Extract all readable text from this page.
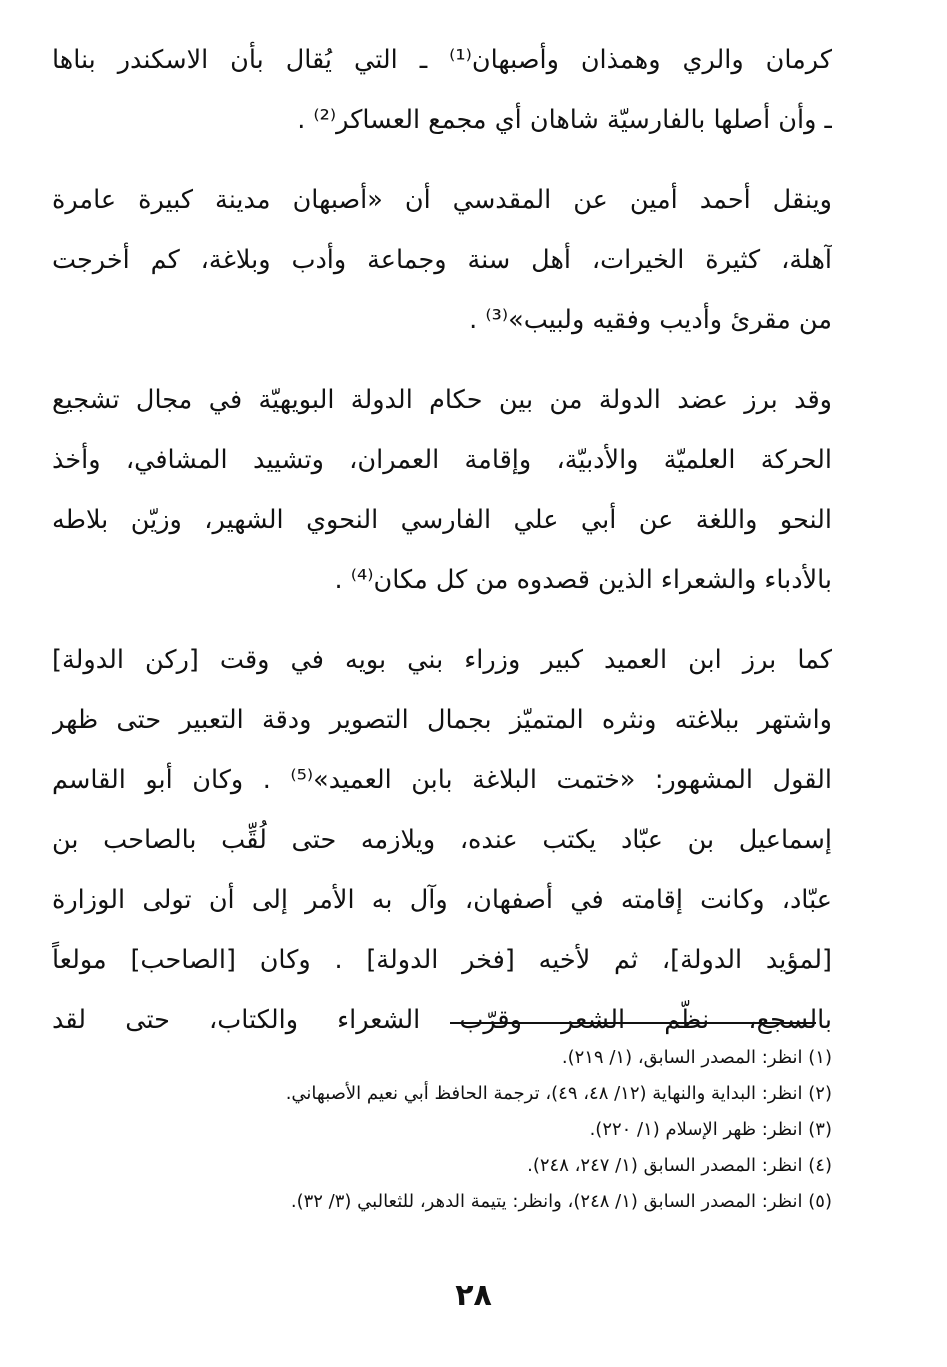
كرمان والري وهمذان وأصبهان⁽¹⁾ ـ التي يُقال بأن الاسكندر بناها
ـ وأن أصلها بالفارسيّة شاهان أي مجمع العساكر⁽²⁾ .
وينقل أحمد أمين عن المقدسي أن «أصبهان مدينة كبيرة عامرة
آهلة، كثيرة الخيرات، أهل سنة وجماعة وأدب وبلاغة، كم أخرجت
من مقرئ وأديب وفقيه ولبيب»⁽³⁾ .
وقد برز عضد الدولة من بين حكام الدولة البويهيّة في مجال تشجيع
الحركة العلميّة والأدبيّة، وإقامة العمران، وتشييد المشافي، وأخذ
النحو واللغة عن أبي علي الفارسي النحوي الشهير، وزيّن بلاطه
بالأدباء والشعراء الذين قصدوه من كل مكان⁽⁴⁾ .
كما برز ابن العميد كبير وزراء بني بويه في وقت [ركن الدولة]
واشتهر ببلاغته ونثره المتميّز بجمال التصوير ودقة التعبير حتى ظهر
القول المشهور: «ختمت البلاغة بابن العميد»⁽⁵⁾ . وكان أبو القاسم
إسماعيل بن عبّاد يكتب عنده، ويلازمه حتى لُقِّب بالصاحب بن
عبّاد، وكانت إقامته في أصفهان، وآل به الأمر إلى أن تولى الوزارة
[لمؤيد الدولة]، ثم لأخيه [فخر الدولة] . وكان [الصاحب] مولعاً
بالسجع، نظّم الشعر وقرّب الشعراء والكتاب، حتى لقد
(١) انظر: المصدر السابق، (١/ ٢١٩).
(٢) انظر: البداية والنهاية (١٢/ ٤٨، ٤٩)، ترجمة الحافظ أبي نعيم الأصبهاني.
(٣) انظر: ظهر الإسلام (١/ ٢٢٠).
(٤) انظر: المصدر السابق (١/ ٢٤٧، ٢٤٨).
(٥) انظر: المصدر السابق (١/ ٢٤٨)، وانظر: يتيمة الدهر، للثعالبي (٣/ ٣٢).
٢٨
